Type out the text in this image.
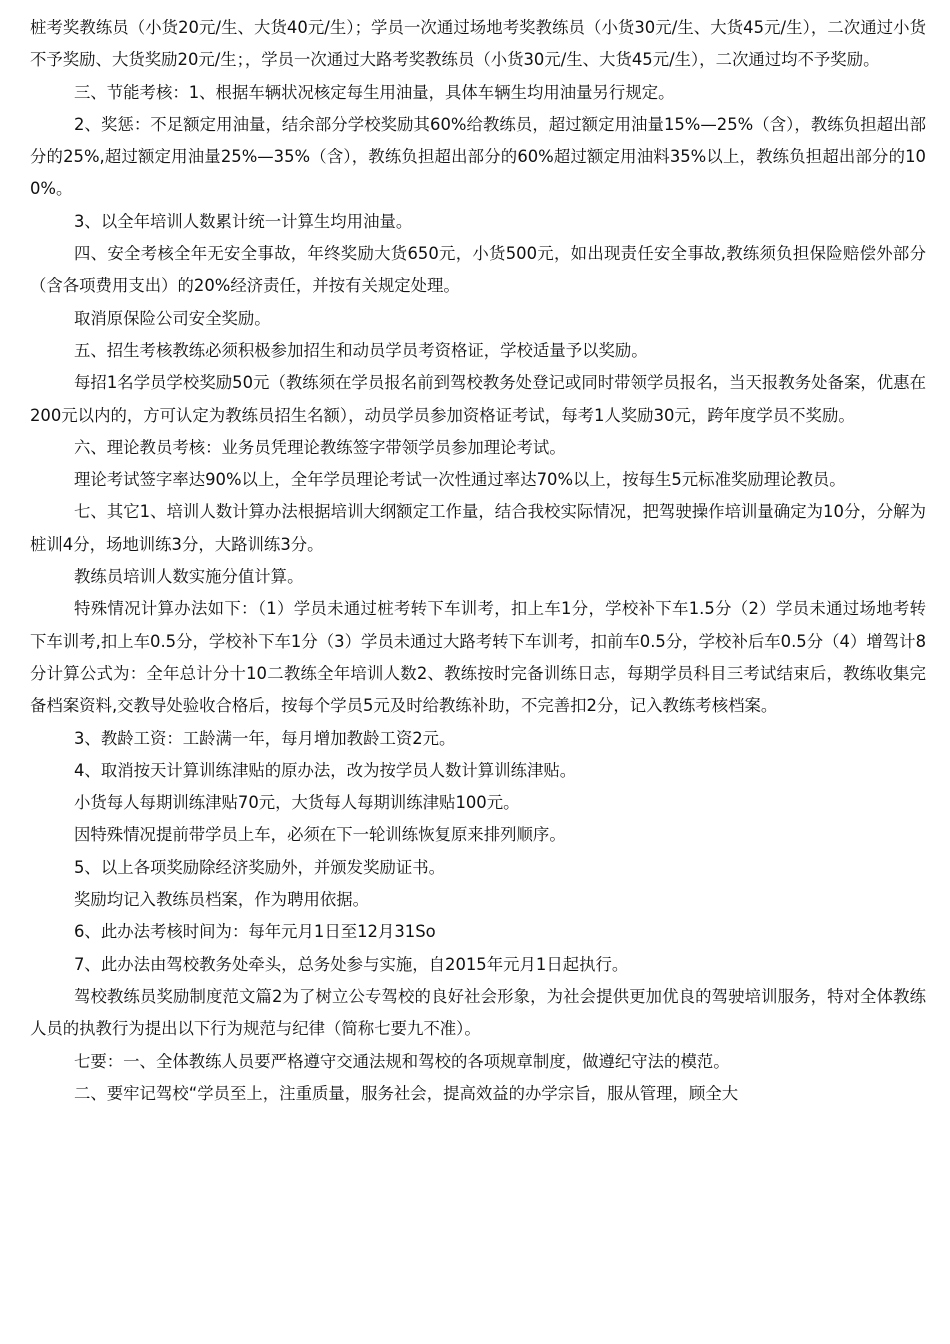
桩考奖教练员（小货20元/生、大货40元/生）；学员一次通过场地考奖教练员（小货30元/生、大货45元/生），二次通过小货不予奖励、大货奖励20元/生；，学员一次通过大路考奖教练员（小货30元/生、大货45元/生），二次通过均不予奖励。

三、节能考核：1、根据车辆状况核定每生用油量，具体车辆生均用油量另行规定。

2、奖惩：不足额定用油量，结余部分学校奖励其60%给教练员，超过额定用油量15%—25%（含），教练负担超出部分的25%,超过额定用油量25%—35%（含），教练负担超出部分的60%超过额定用油料35%以上，教练负担超出部分的100%。

3、以全年培训人数累计统一计算生均用油量。

四、安全考核全年无安全事故，年终奖励大货650元，小货500元，如出现责任安全事故,教练须负担保险赔偿外部分（含各项费用支出）的20%经济责任，并按有关规定处理。

取消原保险公司安全奖励。

五、招生考核教练必须积极参加招生和动员学员考资格证，学校适量予以奖励。

每招1名学员学校奖励50元（教练须在学员报名前到驾校教务处登记或同时带领学员报名，当天报教务处备案，优惠在200元以内的，方可认定为教练员招生名额），动员学员参加资格证考试，每考1人奖励30元，跨年度学员不奖励。

六、理论教员考核：业务员凭理论教练签字带领学员参加理论考试。

理论考试签字率达90%以上，全年学员理论考试一次性通过率达70%以上，按每生5元标准奖励理论教员。

七、其它1、培训人数计算办法根据培训大纲额定工作量，结合我校实际情况，把驾驶操作培训量确定为10分，分解为桩训4分，场地训练3分，大路训练3分。

教练员培训人数实施分值计算。

特殊情况计算办法如下：（1）学员未通过桩考转下车训考，扣上车1分，学校补下车1.5分（2）学员未通过场地考转下车训考,扣上车0.5分，学校补下车1分（3）学员未通过大路考转下车训考，扣前车0.5分，学校补后车0.5分（4）增驾计8分计算公式为：全年总计分十10二教练全年培训人数2、教练按时完备训练日志，每期学员科目三考试结束后，教练收集完备档案资料,交教导处验收合格后，按每个学员5元及时给教练补助，不完善扣2分，记入教练考核档案。

3、教龄工资：工龄满一年，每月增加教龄工资2元。

4、取消按天计算训练津贴的原办法，改为按学员人数计算训练津贴。

小货每人每期训练津贴70元，大货每人每期训练津贴100元。

因特殊情况提前带学员上车，必须在下一轮训练恢复原来排列顺序。

5、以上各项奖励除经济奖励外，并颁发奖励证书。

奖励均记入教练员档案，作为聘用依据。

6、此办法考核时间为：每年元月1日至12月31So

7、此办法由驾校教务处牵头，总务处参与实施，自2015年元月1日起执行。

驾校教练员奖励制度范文篇2为了树立公专驾校的良好社会形象，为社会提供更加优良的驾驶培训服务，特对全体教练人员的执教行为提出以下行为规范与纪律（简称七要九不准）。

七要：一、全体教练人员要严格遵守交通法规和驾校的各项规章制度，做遵纪守法的模范。

二、要牢记驾校“学员至上，注重质量，服务社会，提高效益的办学宗旨，服从管理，顾全大
